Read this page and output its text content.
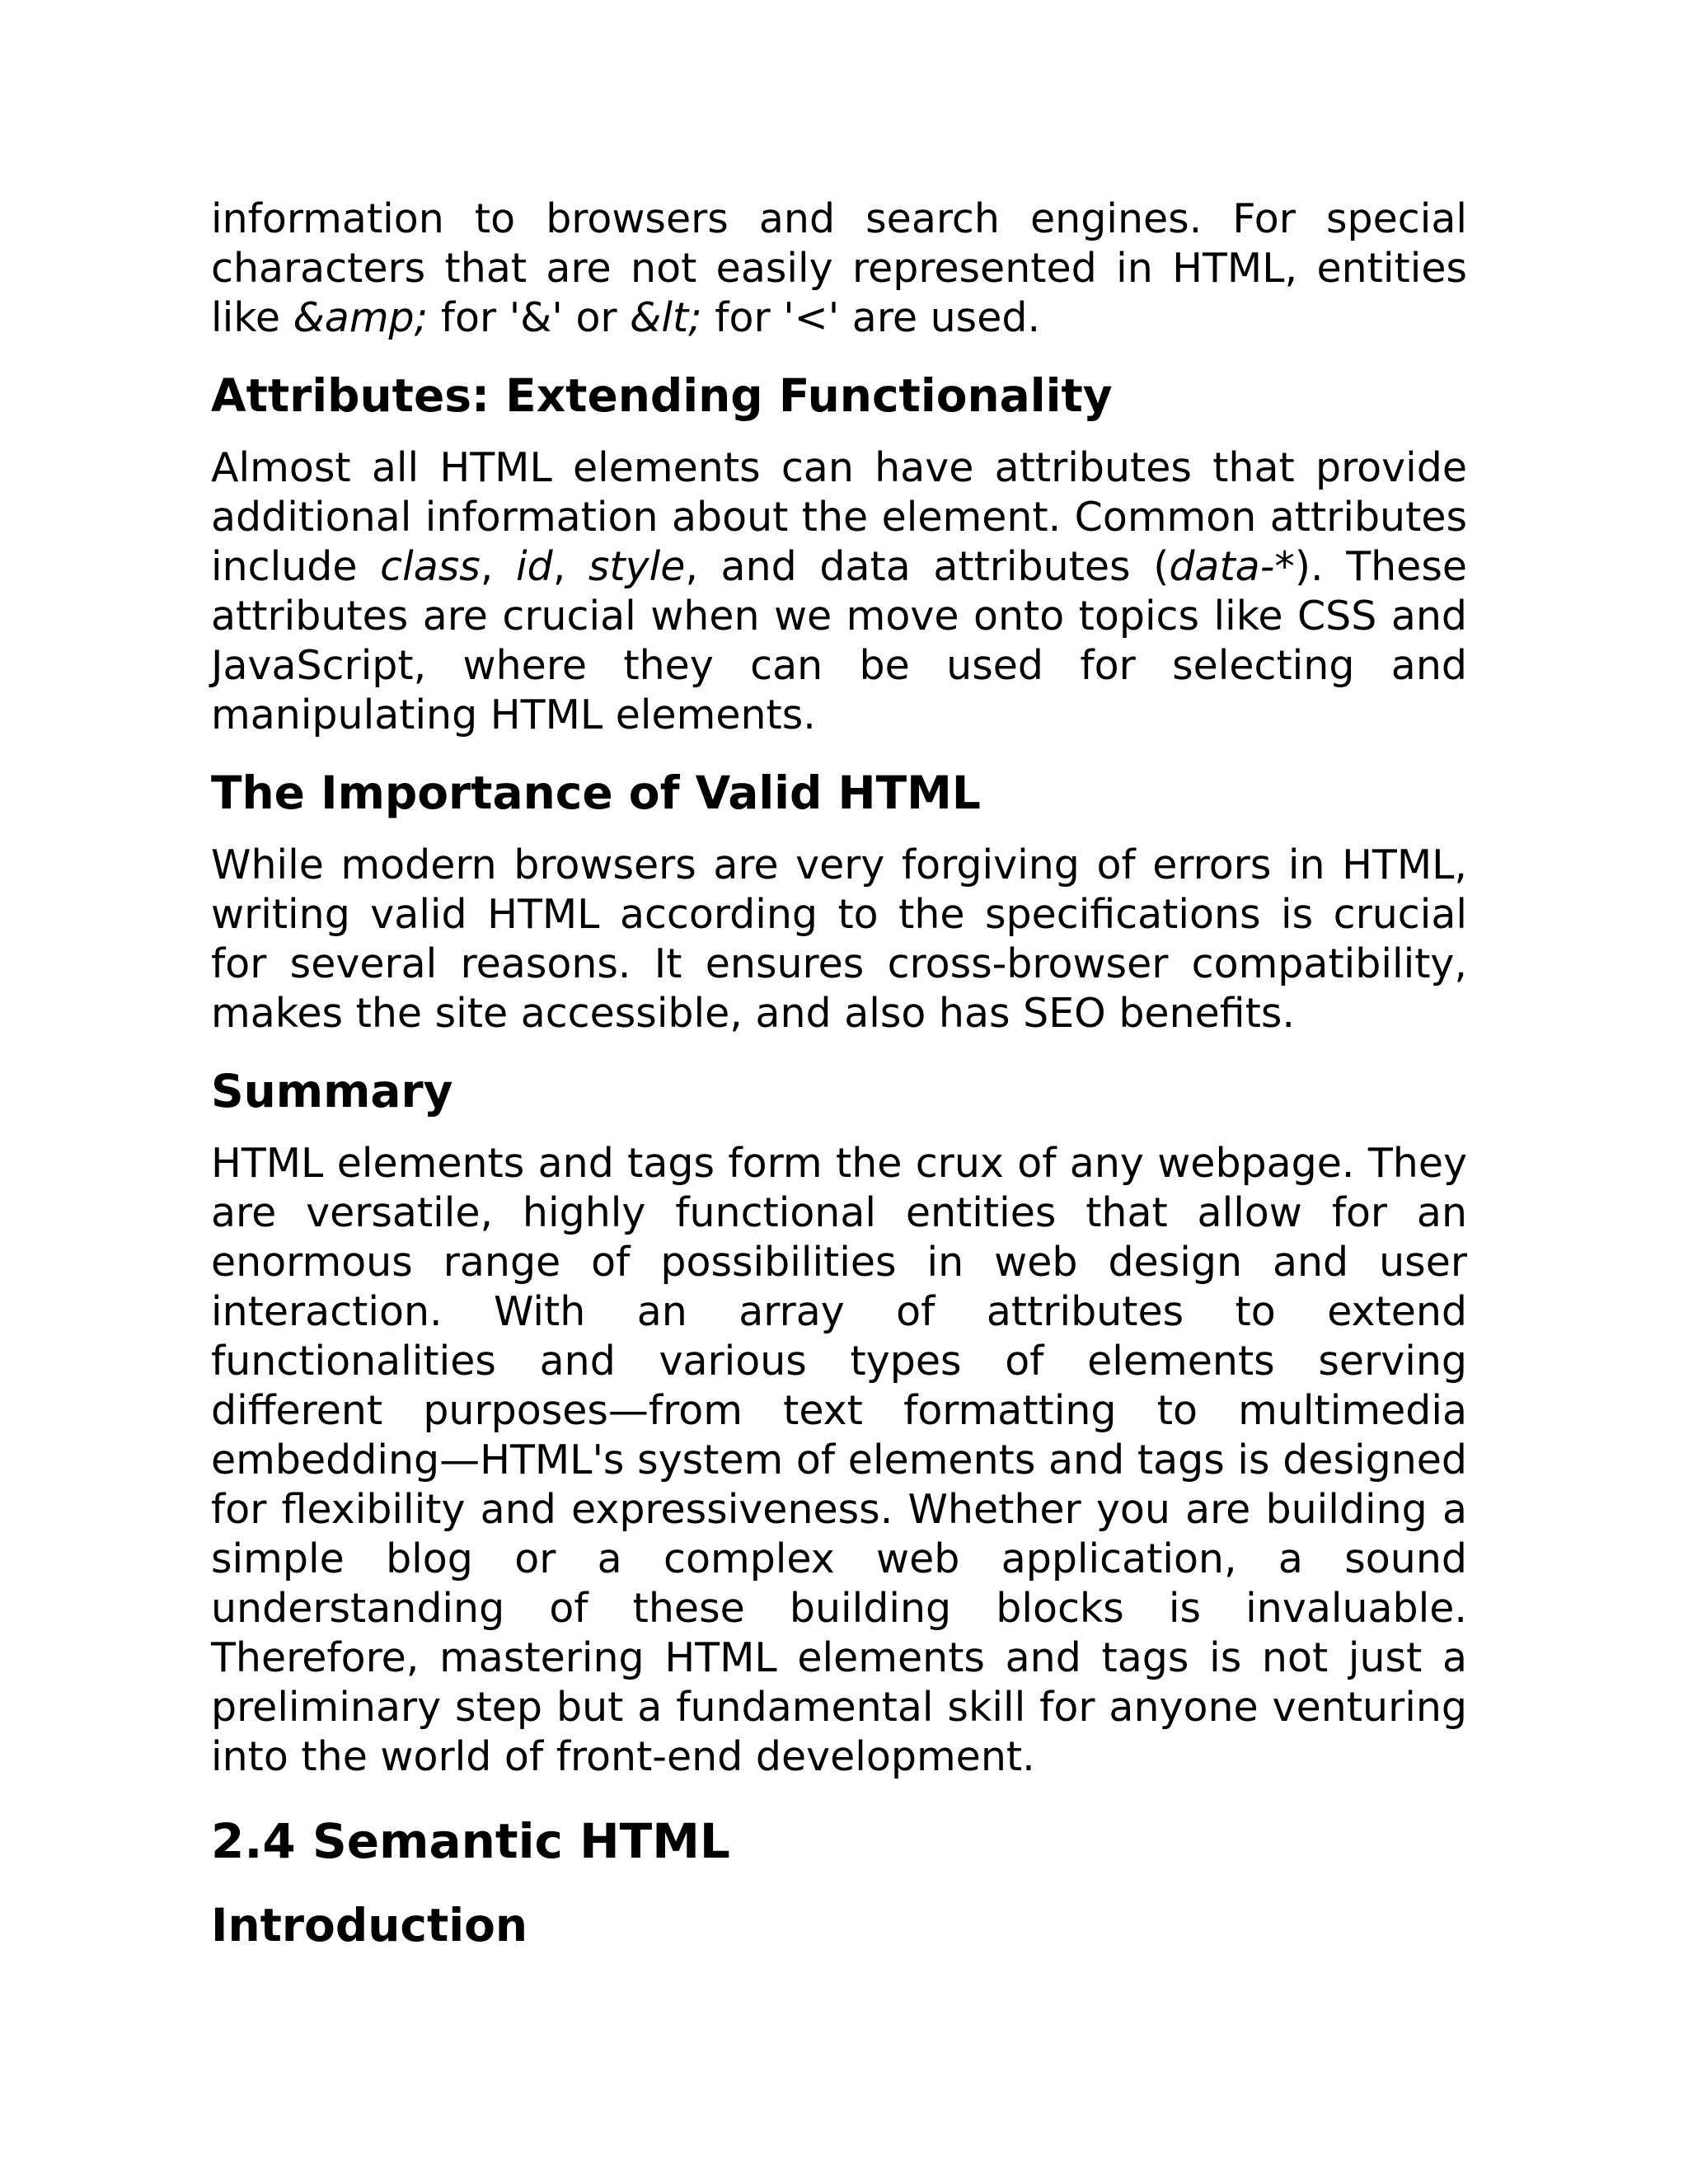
information to browsers and search engines. For special characters that are not easily represented in HTML, entities like &amp; for '&' or &lt; for '<' are used.

Attributes: Extending Functionality

Almost all HTML elements can have attributes that provide additional information about the element. Common attributes include class, id, style, and data attributes (data-*). These attributes are crucial when we move onto topics like CSS and JavaScript, where they can be used for selecting and manipulating HTML elements.

The Importance of Valid HTML

While modern browsers are very forgiving of errors in HTML, writing valid HTML according to the specifications is crucial for several reasons. It ensures cross-browser compatibility, makes the site accessible, and also has SEO benefits.

Summary

HTML elements and tags form the crux of any webpage. They are versatile, highly functional entities that allow for an enormous range of possibilities in web design and user interaction. With an array of attributes to extend functionalities and various types of elements serving different purposes—from text formatting to multimedia embedding—HTML's system of elements and tags is designed for flexibility and expressiveness. Whether you are building a simple blog or a complex web application, a sound understanding of these building blocks is invaluable. Therefore, mastering HTML elements and tags is not just a preliminary step but a fundamental skill for anyone venturing into the world of front-end development.

2.4 Semantic HTML
Introduction
